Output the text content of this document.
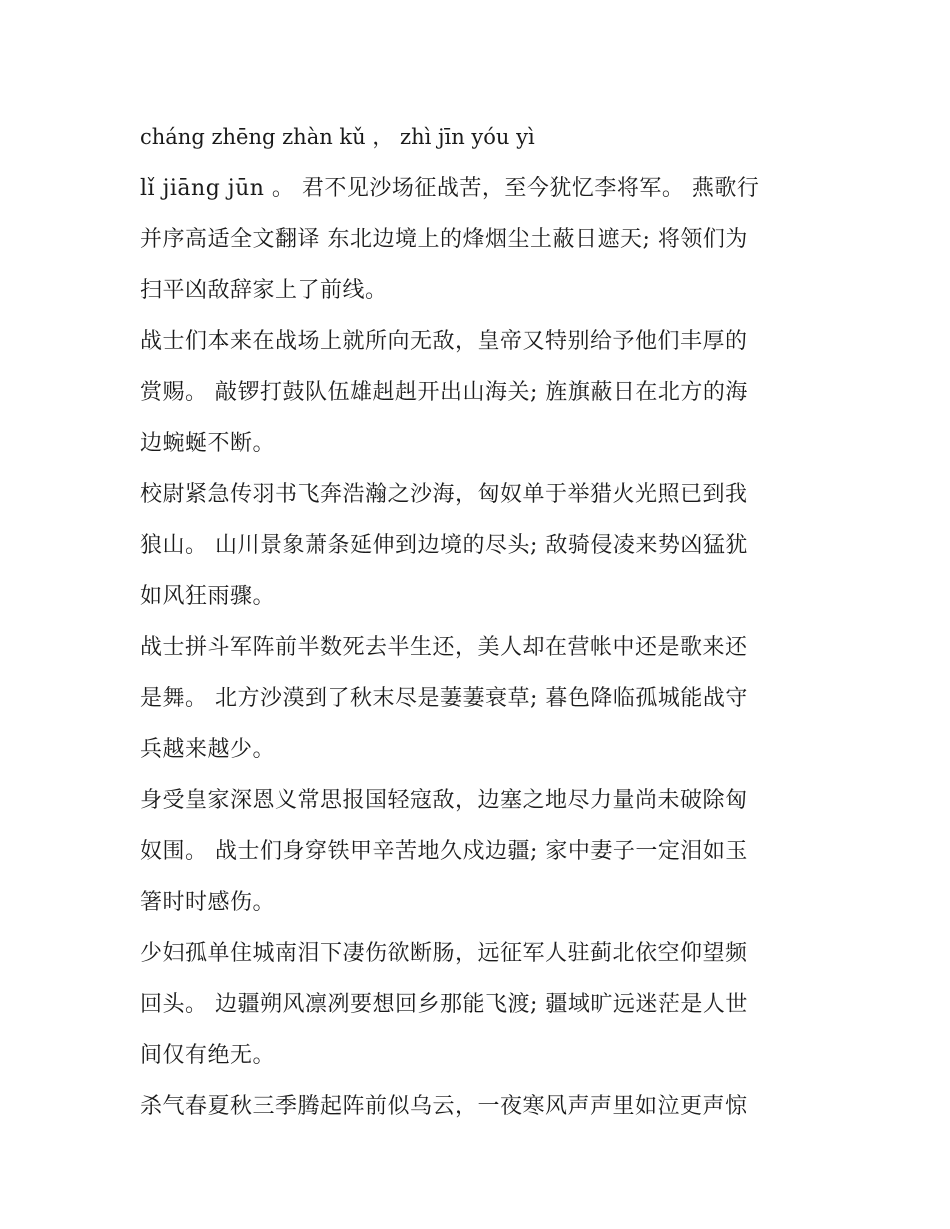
cháng zhēng zhàn kǔ ， zhì jīn yóu yì
lǐ jiāng jūn 。 君不见沙场征战苦，至今犹忆李将军。 燕歌行
并序高适全文翻译 东北边境上的烽烟尘土蔽日遮天; 将领们为
扫平凶敌辞家上了前线。
战士们本来在战场上就所向无敌，皇帝又特别给予他们丰厚的
赏赐。 敲锣打鼓队伍雄赳赳开出山海关; 旌旗蔽日在北方的海
边蜿蜒不断。
校尉紧急传羽书飞奔浩瀚之沙海，匈奴单于举猎火光照已到我
狼山。 山川景象萧条延伸到边境的尽头; 敌骑侵凌来势凶猛犹
如风狂雨骤。
战士拼斗军阵前半数死去半生还，美人却在营帐中还是歌来还
是舞。 北方沙漠到了秋末尽是萋萋衰草; 暮色降临孤城能战守
兵越来越少。
身受皇家深恩义常思报国轻寇敌，边塞之地尽力量尚未破除匈
奴围。 战士们身穿铁甲辛苦地久戍边疆; 家中妻子一定泪如玉
箸时时感伤。
少妇孤单住城南泪下凄伤欲断肠，远征军人驻蓟北依空仰望频
回头。 边疆朔风凛冽要想回乡那能飞渡; 疆域旷远迷茫是人世
间仅有绝无。
杀气春夏秋三季腾起阵前似乌云，一夜寒风声声里如泣更声惊
